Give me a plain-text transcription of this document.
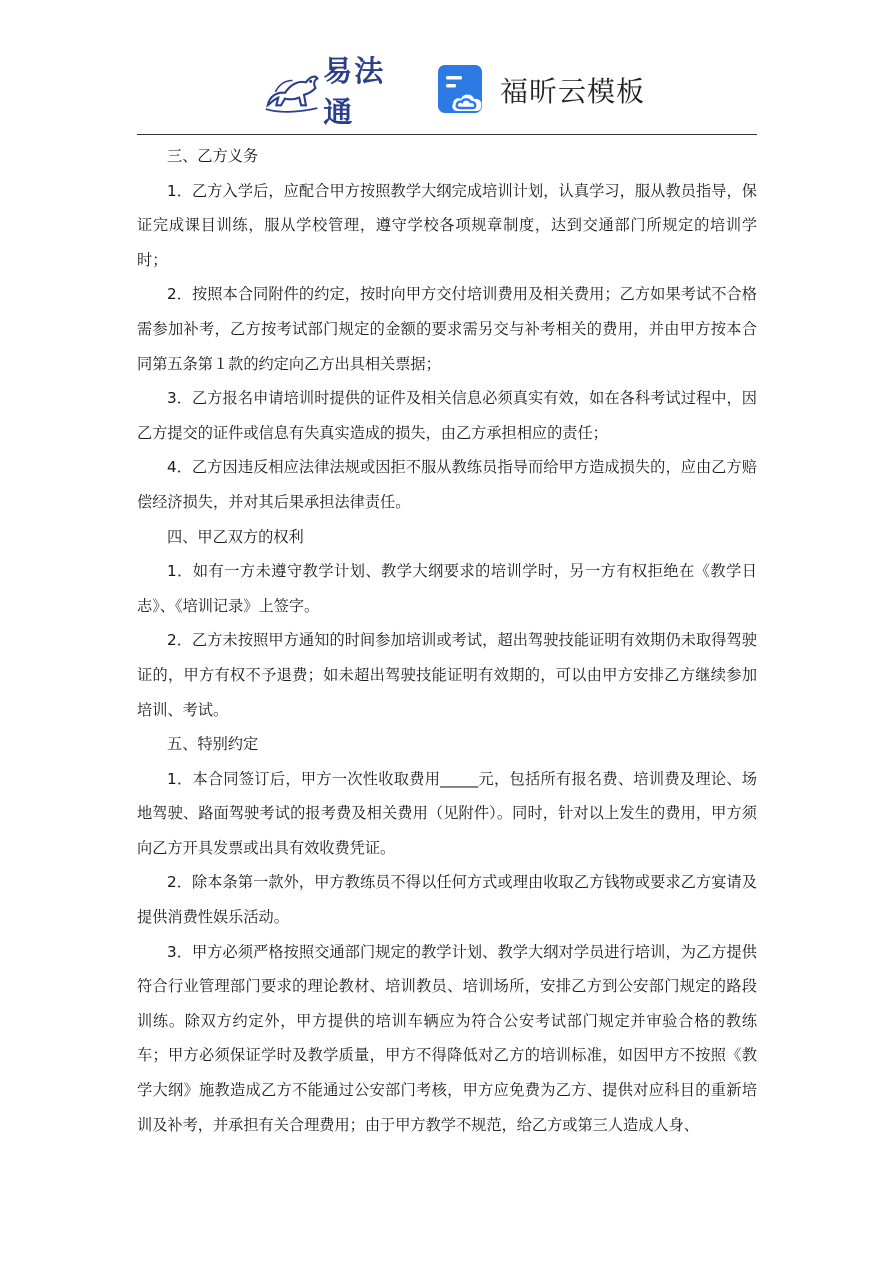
易法通
福昕云模板

三、乙方义务

1．乙方入学后，应配合甲方按照教学大纲完成培训计划，认真学习，服从教员指导，保证完成课目训练，服从学校管理，遵守学校各项规章制度，达到交通部门所规定的培训学时；

2．按照本合同附件的约定，按时向甲方交付培训费用及相关费用；乙方如果考试不合格需参加补考，乙方按考试部门规定的金额的要求需另交与补考相关的费用，并由甲方按本合同第五条第１款的约定向乙方出具相关票据；

3．乙方报名申请培训时提供的证件及相关信息必须真实有效，如在各科考试过程中，因乙方提交的证件或信息有失真实造成的损失，由乙方承担相应的责任；

4．乙方因违反相应法律法规或因拒不服从教练员指导而给甲方造成损失的，应由乙方赔偿经济损失，并对其后果承担法律责任。

四、甲乙双方的权利

1．如有一方未遵守教学计划、教学大纲要求的培训学时，另一方有权拒绝在《教学日志》、《培训记录》上签字。

2．乙方未按照甲方通知的时间参加培训或考试，超出驾驶技能证明有效期仍未取得驾驶证的，甲方有权不予退费；如未超出驾驶技能证明有效期的，可以由甲方安排乙方继续参加培训、考试。

五、特别约定

1．本合同签订后，甲方一次性收取费用_____元，包括所有报名费、培训费及理论、场地驾驶、路面驾驶考试的报考费及相关费用（见附件）。同时，针对以上发生的费用，甲方须向乙方开具发票或出具有效收费凭证。

2．除本条第一款外，甲方教练员不得以任何方式或理由收取乙方钱物或要求乙方宴请及提供消费性娱乐活动。

3．甲方必须严格按照交通部门规定的教学计划、教学大纲对学员进行培训，为乙方提供符合行业管理部门要求的理论教材、培训教员、培训场所，安排乙方到公安部门规定的路段训练。除双方约定外，甲方提供的培训车辆应为符合公安考试部门规定并审验合格的教练车；甲方必须保证学时及教学质量，甲方不得降低对乙方的培训标准，如因甲方不按照《教学大纲》施教造成乙方不能通过公安部门考核，甲方应免费为乙方、提供对应科目的重新培训及补考，并承担有关合理费用；由于甲方教学不规范，给乙方或第三人造成人身、
